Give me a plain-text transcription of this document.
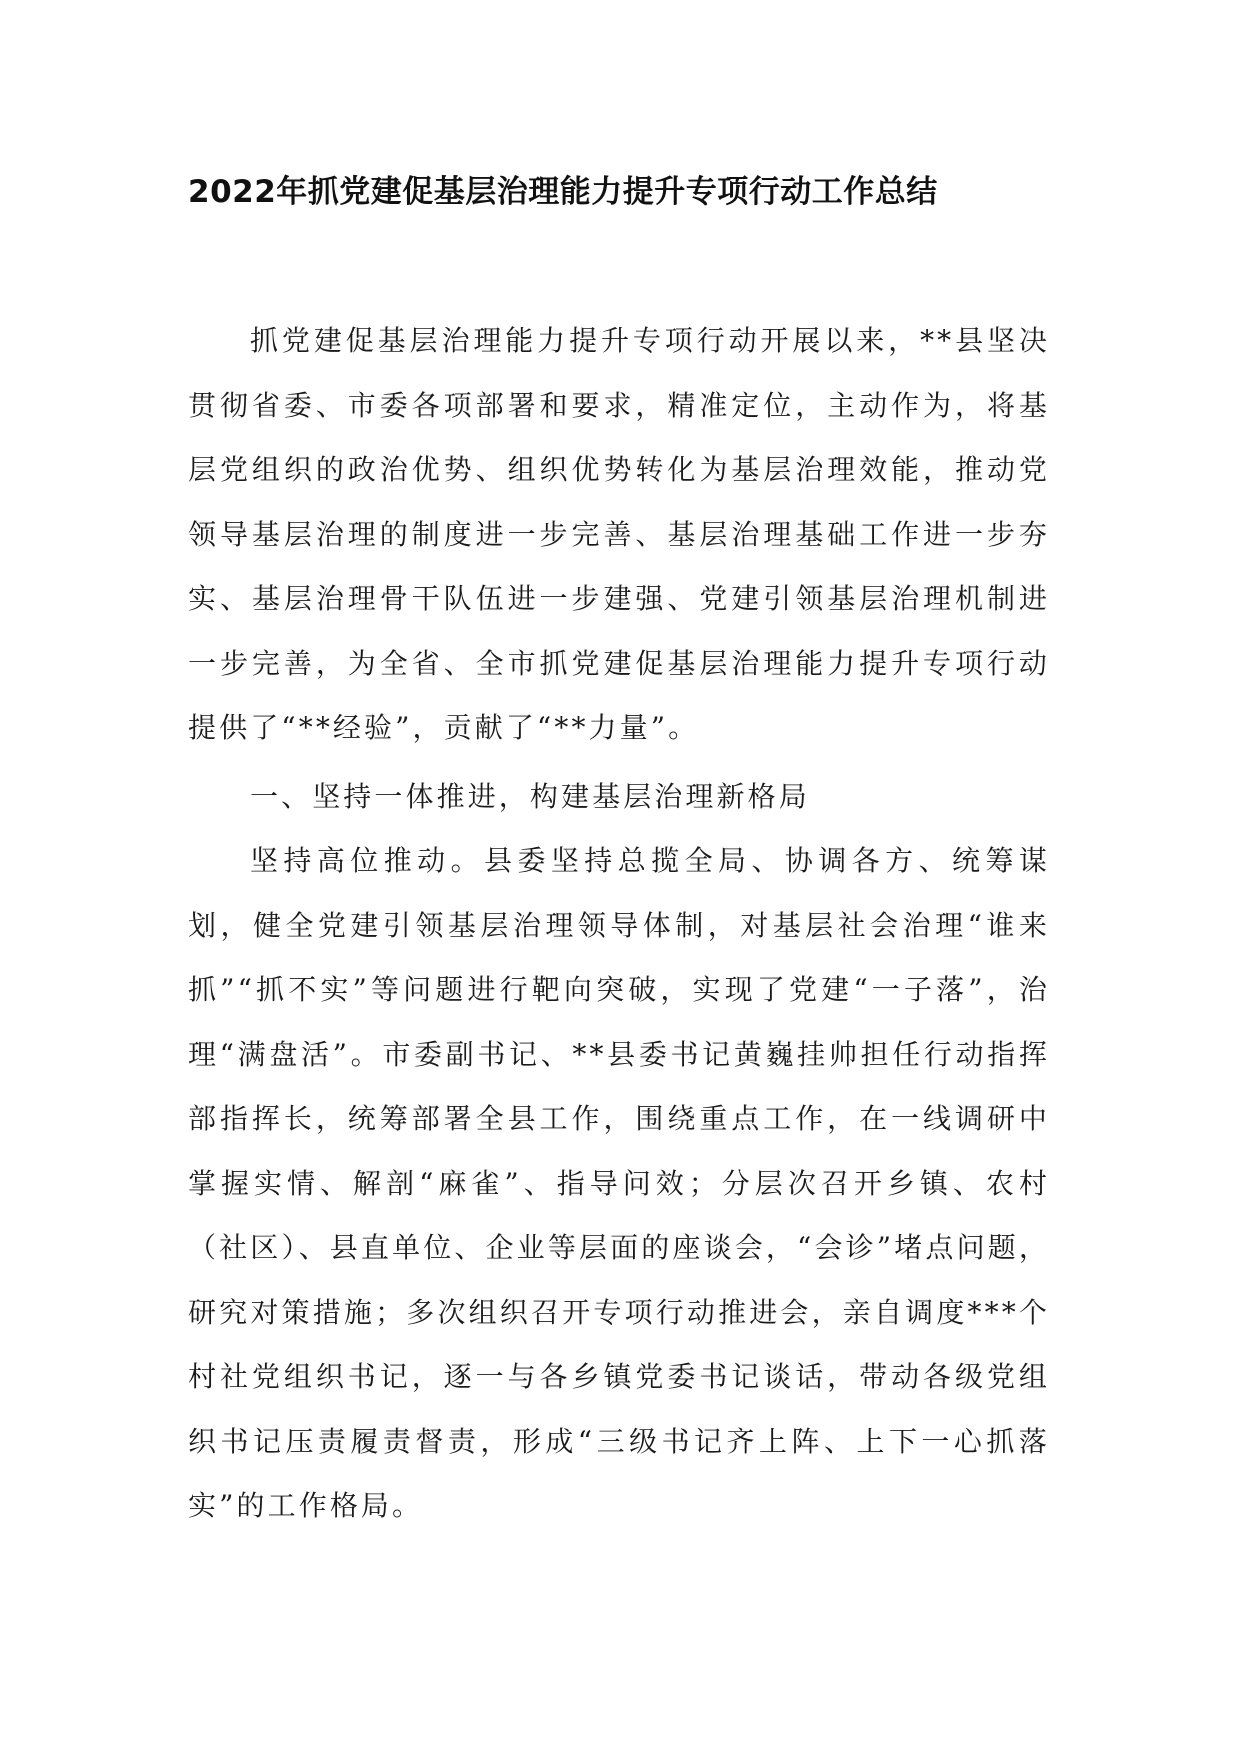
2022年抓党建促基层治理能力提升专项行动工作总结

抓党建促基层治理能力提升专项行动开展以来，**县坚决贯彻省委、市委各项部署和要求，精准定位，主动作为，将基层党组织的政治优势、组织优势转化为基层治理效能，推动党领导基层治理的制度进一步完善、基层治理基础工作进一步夯实、基层治理骨干队伍进一步建强、党建引领基层治理机制进一步完善，为全省、全市抓党建促基层治理能力提升专项行动提供了“**经验”，贡献了“**力量”。

一、坚持一体推进，构建基层治理新格局

坚持高位推动。县委坚持总揽全局、协调各方、统筹谋划，健全党建引领基层治理领导体制，对基层社会治理“谁来抓”“抓不实”等问题进行靶向突破，实现了党建“一子落”，治理“满盘活”。市委副书记、**县委书记黄巍挂帅担任行动指挥部指挥长，统筹部署全县工作，围绕重点工作，在一线调研中掌握实情、解剖“麻雀”、指导问效；分层次召开乡镇、农村（社区）、县直单位、企业等层面的座谈会，“会诊”堵点问题，研究对策措施；多次组织召开专项行动推进会，亲自调度***个村社党组织书记，逐一与各乡镇党委书记谈话，带动各级党组织书记压责履责督责，形成“三级书记齐上阵、上下一心抓落实”的工作格局。
